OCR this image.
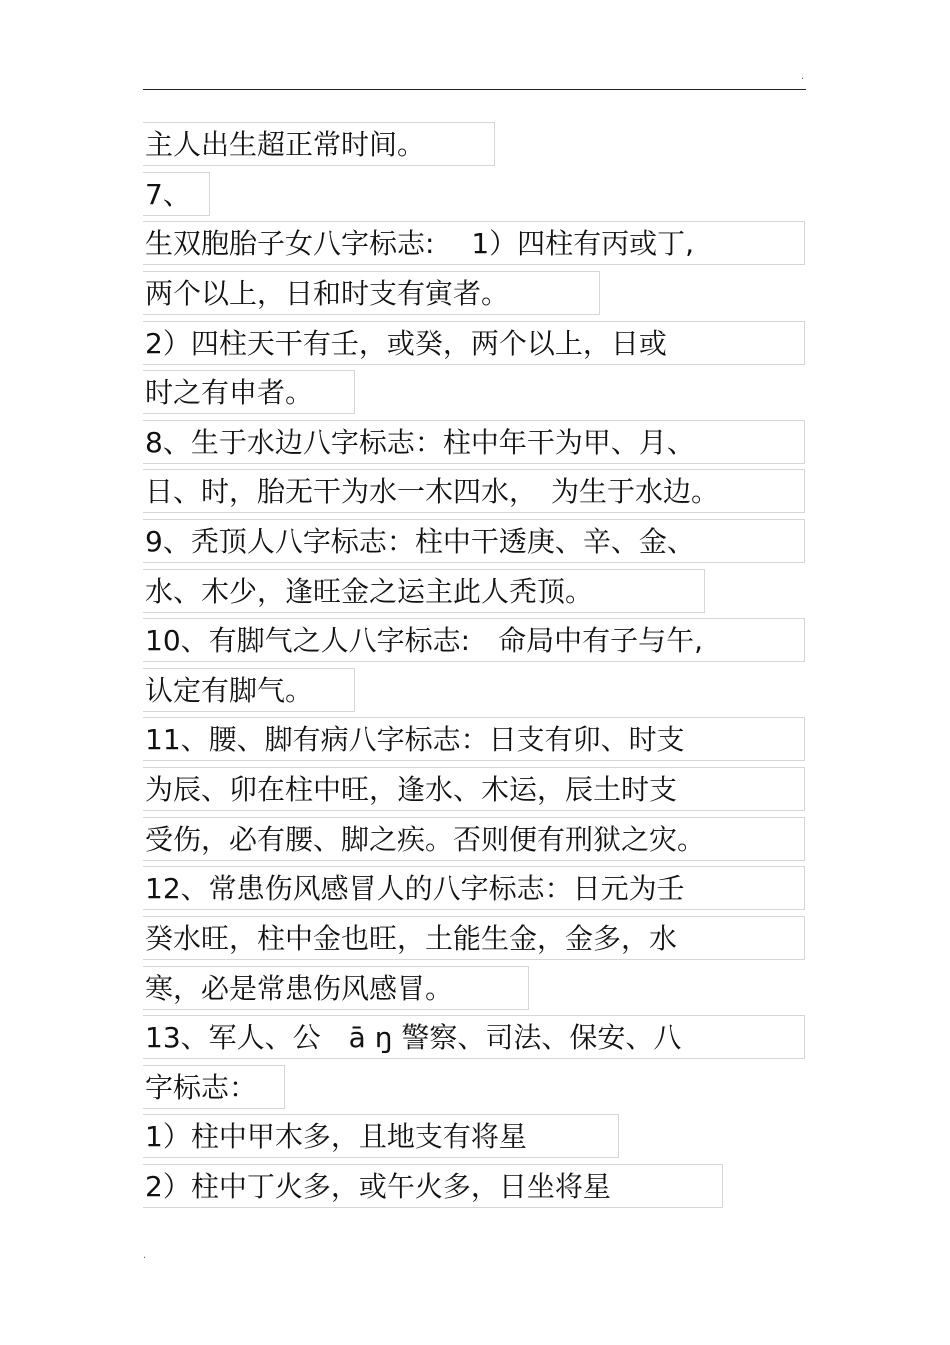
·
主人出生超正常时间。
7、
生双胞胎子女八字标志:　 1）四柱有丙或丁,
两个以上，日和时支有寅者。
2）四柱天干有壬，或癸，两个以上，日或
时之有申者。
8、生于水边八字标志：柱中年干为甲、月、
日、时，胎无干为水一木四水，　为生于水边。
9、秃顶人八字标志：柱中干透庚、辛、金、
水、木少，逢旺金之运主此人秃顶。
10、有脚气之人八字标志:　命局中有子与午,
认定有脚气。
11、腰、脚有病八字标志：日支有卯、时支
为辰、卯在柱中旺，逢水、木运，辰土时支
受伤，必有腰、脚之疾。否则便有刑狱之灾。
12、常患伤风感冒人的八字标志：日元为壬
癸水旺，柱中金也旺，土能生金，金多，水
寒，必是常患伤风感冒。
13、军人、公　ā ŋ 警察、司法、保安、八
字标志：
1）柱中甲木多，且地支有将星
2）柱中丁火多，或午火多，日坐将星
·
